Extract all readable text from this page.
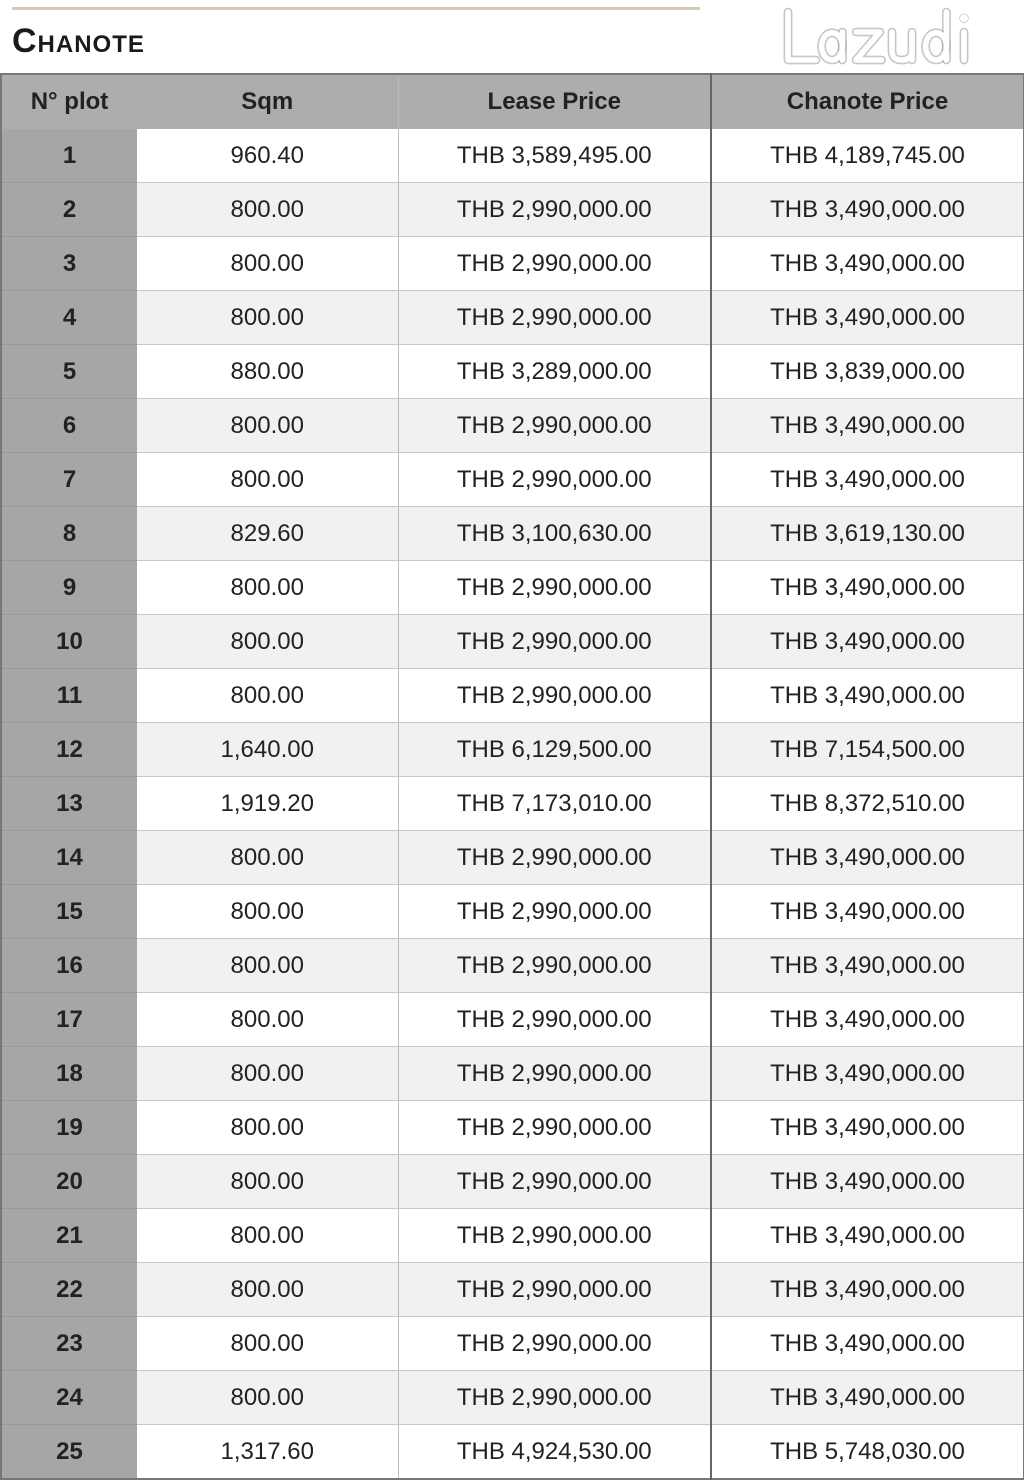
Chanote
N° plot	Sqm	Lease Price	Chanote Price
1	960.40	THB 3,589,495.00	THB 4,189,745.00
2	800.00	THB 2,990,000.00	THB 3,490,000.00
3	800.00	THB 2,990,000.00	THB 3,490,000.00
4	800.00	THB 2,990,000.00	THB 3,490,000.00
5	880.00	THB 3,289,000.00	THB 3,839,000.00
6	800.00	THB 2,990,000.00	THB 3,490,000.00
7	800.00	THB 2,990,000.00	THB 3,490,000.00
8	829.60	THB 3,100,630.00	THB 3,619,130.00
9	800.00	THB 2,990,000.00	THB 3,490,000.00
10	800.00	THB 2,990,000.00	THB 3,490,000.00
11	800.00	THB 2,990,000.00	THB 3,490,000.00
12	1,640.00	THB 6,129,500.00	THB 7,154,500.00
13	1,919.20	THB 7,173,010.00	THB 8,372,510.00
14	800.00	THB 2,990,000.00	THB 3,490,000.00
15	800.00	THB 2,990,000.00	THB 3,490,000.00
16	800.00	THB 2,990,000.00	THB 3,490,000.00
17	800.00	THB 2,990,000.00	THB 3,490,000.00
18	800.00	THB 2,990,000.00	THB 3,490,000.00
19	800.00	THB 2,990,000.00	THB 3,490,000.00
20	800.00	THB 2,990,000.00	THB 3,490,000.00
21	800.00	THB 2,990,000.00	THB 3,490,000.00
22	800.00	THB 2,990,000.00	THB 3,490,000.00
23	800.00	THB 2,990,000.00	THB 3,490,000.00
24	800.00	THB 2,990,000.00	THB 3,490,000.00
25	1,317.60	THB 4,924,530.00	THB 5,748,030.00
